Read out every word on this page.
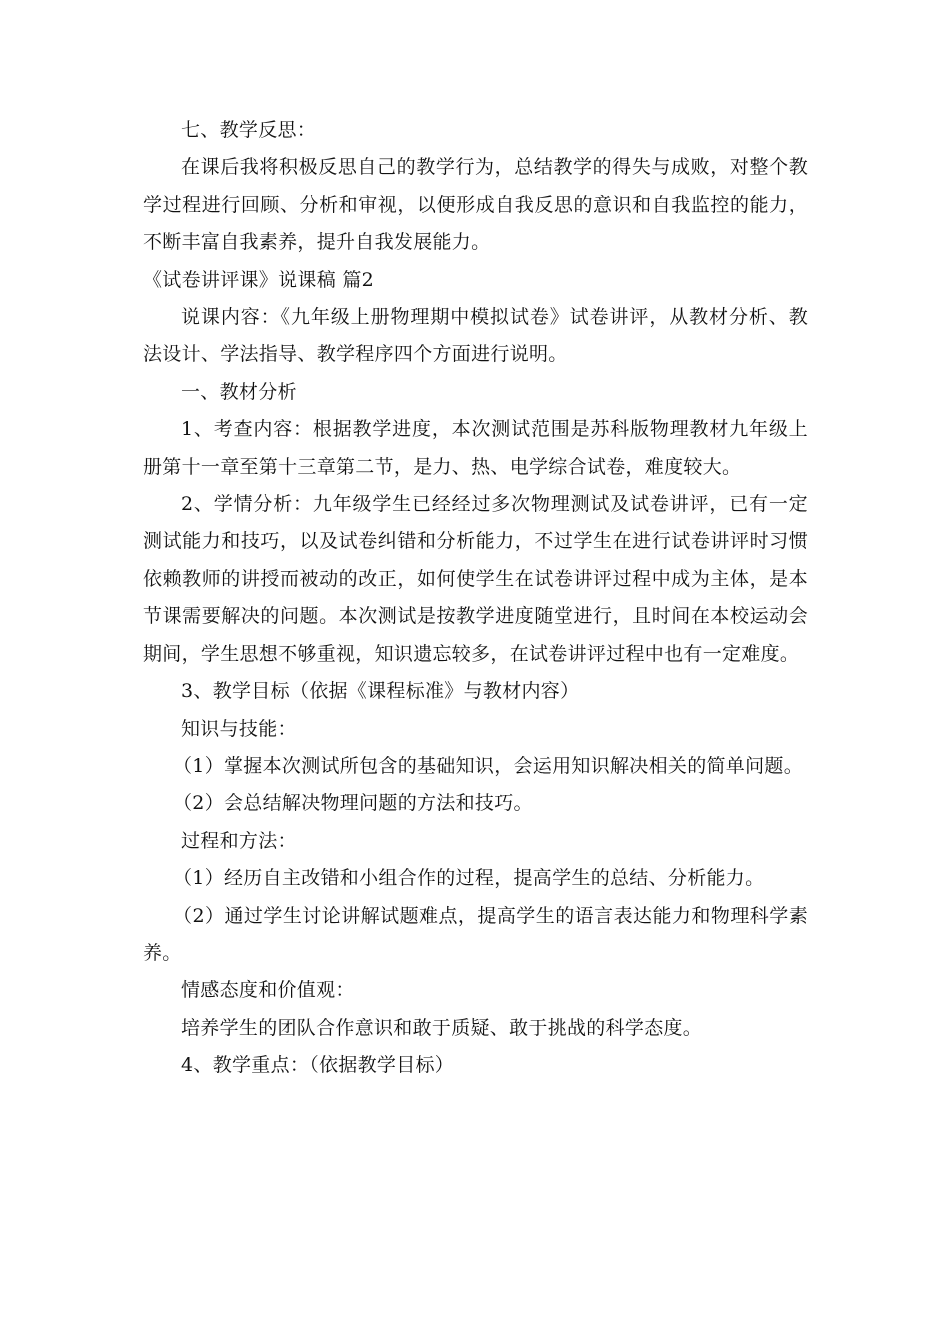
七、教学反思：

在课后我将积极反思自己的教学行为，总结教学的得失与成败，对整个教学过程进行回顾、分析和审视，以便形成自我反思的意识和自我监控的能力，不断丰富自我素养，提升自我发展能力。

《试卷讲评课》说课稿 篇2

说课内容：《九年级上册物理期中模拟试卷》试卷讲评，从教材分析、教法设计、学法指导、教学程序四个方面进行说明。

一、教材分析

1、考查内容：根据教学进度，本次测试范围是苏科版物理教材九年级上册第十一章至第十三章第二节，是力、热、电学综合试卷，难度较大。

2、学情分析：九年级学生已经经过多次物理测试及试卷讲评，已有一定测试能力和技巧，以及试卷纠错和分析能力，不过学生在进行试卷讲评时习惯依赖教师的讲授而被动的改正，如何使学生在试卷讲评过程中成为主体，是本节课需要解决的问题。本次测试是按教学进度随堂进行，且时间在本校运动会期间，学生思想不够重视，知识遗忘较多，在试卷讲评过程中也有一定难度。

3、教学目标（依据《课程标准》与教材内容）

知识与技能：

（1）掌握本次测试所包含的基础知识，会运用知识解决相关的简单问题。

（2）会总结解决物理问题的方法和技巧。

过程和方法：

（1）经历自主改错和小组合作的过程，提高学生的总结、分析能力。

（2）通过学生讨论讲解试题难点，提高学生的语言表达能力和物理科学素养。

情感态度和价值观：

培养学生的团队合作意识和敢于质疑、敢于挑战的科学态度。

4、教学重点：（依据教学目标）
